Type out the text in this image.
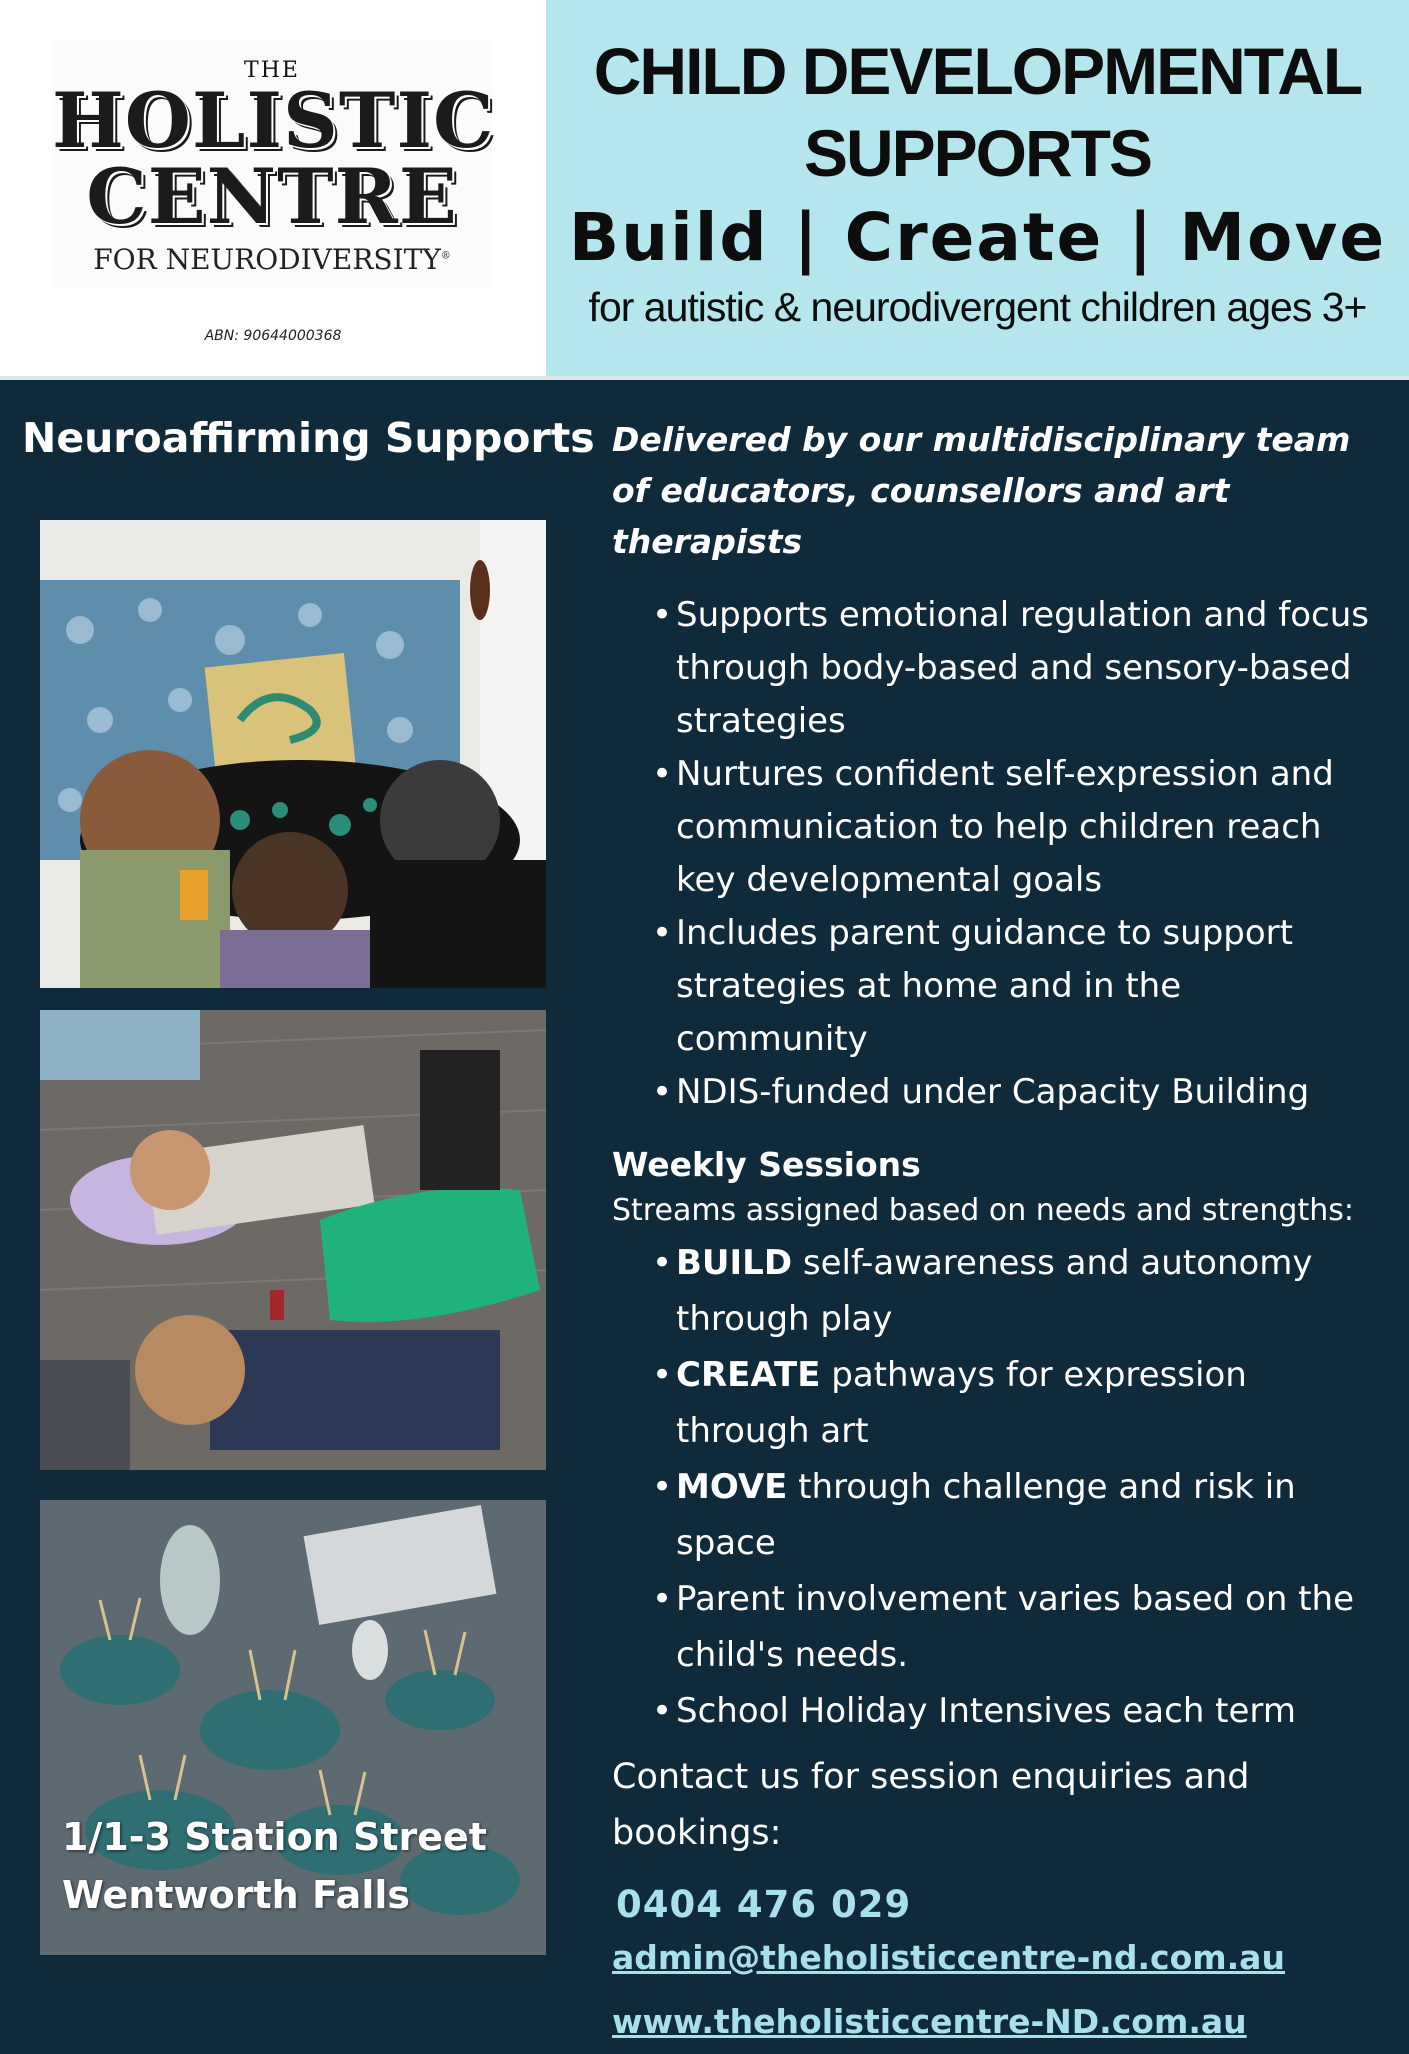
THE
HOLISTIC
CENTRE
FOR NEURODIVERSITY®
ABN: 90644000368
CHILD DEVELOPMENTAL
SUPPORTS
Build | Create | Move
for autistic & neurodivergent children ages 3+
Neuroaffirming Supports
1/1-3 Station Street
Wentworth Falls
Delivered by our multidisciplinary team of educators, counsellors and art therapists
• Supports emotional regulation and focus through body-based and sensory-based strategies
• Nurtures confident self-expression and communication to help children reach key developmental goals
• Includes parent guidance to support strategies at home and in the community
• NDIS-funded under Capacity Building
Weekly Sessions
Streams assigned based on needs and strengths:
• BUILD self-awareness and autonomy through play
• CREATE pathways for expression through art
• MOVE through challenge and risk in space
• Parent involvement varies based on the child's needs.
• School Holiday Intensives each term
Contact us for session enquiries and bookings:
0404 476 029
admin@theholisticcentre-nd.com.au
www.theholisticcentre-ND.com.au
